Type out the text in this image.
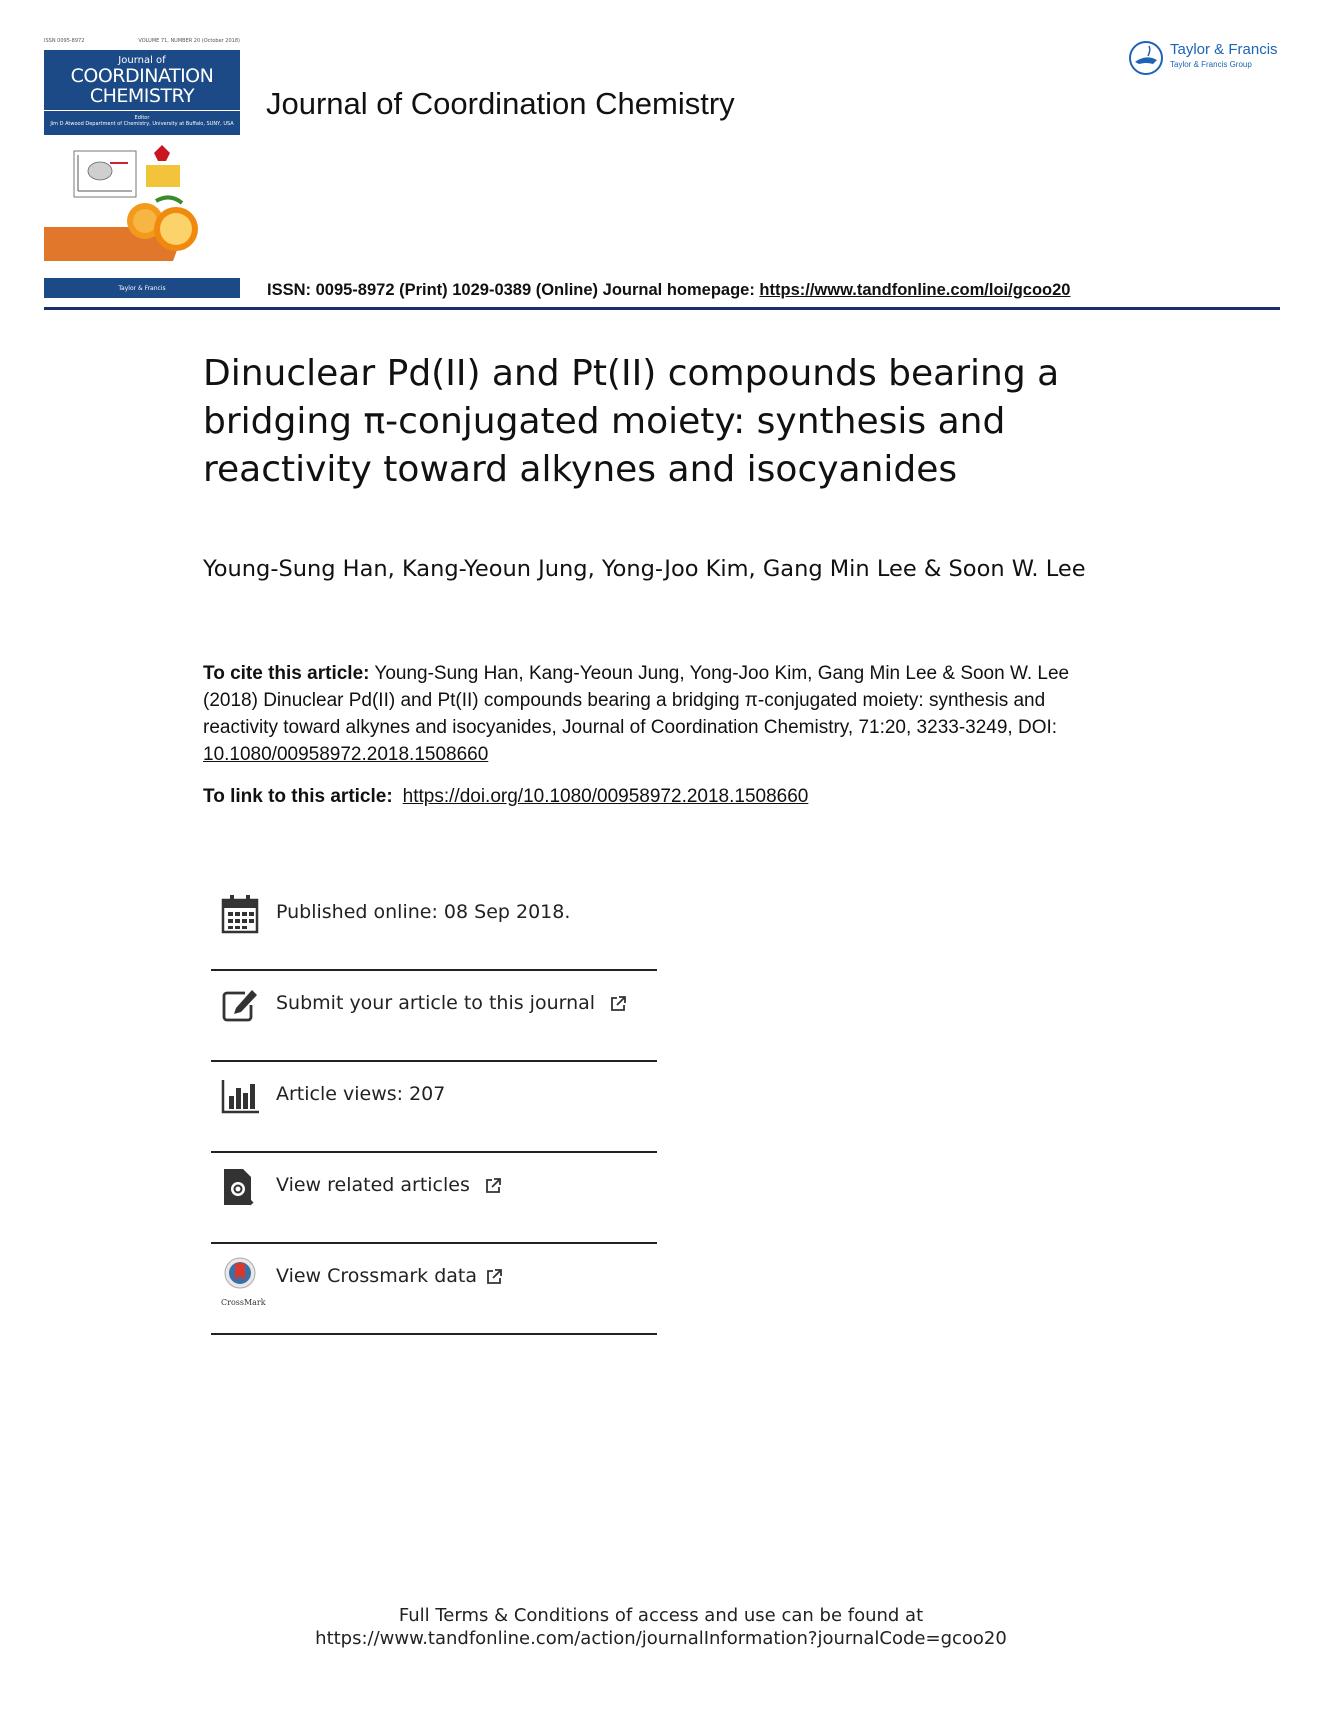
ISSN 0095-8972	VOLUME 71, NUMBER 20 (October 2018)
Journal of
COORDINATION
CHEMISTRY
Editor
Jim D Atwood Department of Chemistry, University at Buffalo, SUNY, USA
Taylor & Francis
Journal of Coordination Chemistry
Taylor & Francis
Taylor & Francis Group
ISSN: 0095-8972 (Print) 1029-0389 (Online) Journal homepage: https://www.tandfonline.com/loi/gcoo20
Dinuclear Pd(II) and Pt(II) compounds bearing a bridging π-conjugated moiety: synthesis and reactivity toward alkynes and isocyanides
Young-Sung Han, Kang-Yeoun Jung, Yong-Joo Kim, Gang Min Lee & Soon W. Lee
To cite this article: Young-Sung Han, Kang-Yeoun Jung, Yong-Joo Kim, Gang Min Lee & Soon W. Lee (2018) Dinuclear Pd(II) and Pt(II) compounds bearing a bridging π-conjugated moiety: synthesis and reactivity toward alkynes and isocyanides, Journal of Coordination Chemistry, 71:20, 3233-3249, DOI: 10.1080/00958972.2018.1508660
To link to this article: https://doi.org/10.1080/00958972.2018.1508660
Published online: 08 Sep 2018.
Submit your article to this journal
Article views: 207
View related articles
CrossMark
View Crossmark data
Full Terms & Conditions of access and use can be found at
https://www.tandfonline.com/action/journalInformation?journalCode=gcoo20
